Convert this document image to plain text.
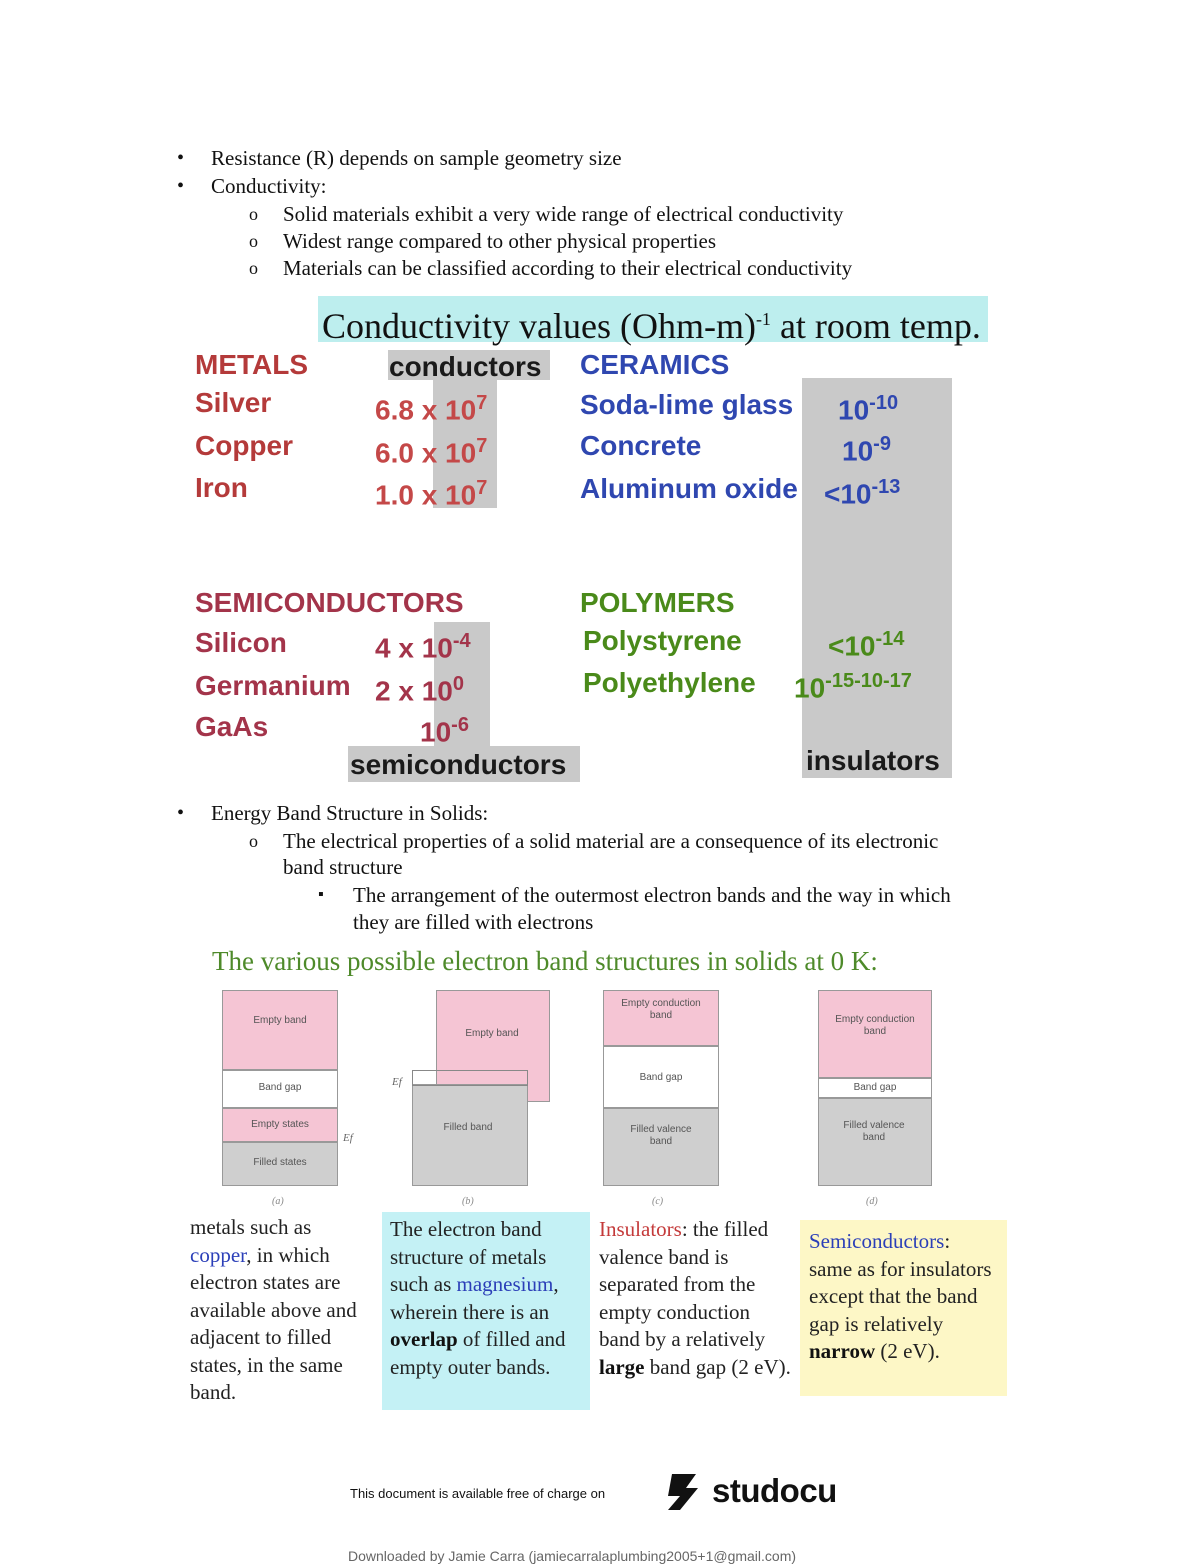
• Resistance (R) depends on sample geometry size
• Conductivity:
o Solid materials exhibit a very wide range of electrical conductivity
o Widest range compared to other physical properties
o Materials can be classified according to their electrical conductivity
Conductivity values $(Ohm-m)^{-1}$ at room temp.
METALS	conductors
Silver	6.8 x $10^7$
Copper	6.0 x $10^7$
Iron	1.0 x $10^7$
CERAMICS
Soda-lime glass $10^{-10}$
Concrete	$10^{-9}$
Aluminum oxide $<10^{-13}$
SEMICONDUCTORS
Silicon	4 x $10^{-4}$
Germanium 2 x $10^0$
GaAs	$10^{-6}$
semiconductors
POLYMERS
Polystyrene	$<10^{-14}$
Polyethylene $10^{-15-10-17}$
insulators
• Energy Band Structure in Solids:
o The electrical properties of a solid material are a consequence of its electronic
band structure
▪ The arrangement of the outermost electron bands and the way in which
they are filled with electrons
The various possible electron band structures in solids at 0 K:
Empty band
Band gap
Empty states
Filled states
Ef
(a)
Empty band
Filled band
Ef
(b)
Empty conduction band
Band gap
Filled valence band
(c)
Empty conduction band
Band gap
Filled valence band
(d)
metals such as copper, in which electron states are available above and adjacent to filled states, in the same band.
The electron band structure of metals such as magnesium, wherein there is an overlap of filled and empty outer bands.
Insulators: the filled valence band is separated from the empty conduction band by a relatively large band gap (2 eV).
Semiconductors: same as for insulators except that the band gap is relatively narrow (2 eV).
This document is available free of charge on	studocu
Downloaded by Jamie Carra (jamiecarralaplumbing2005+1@gmail.com)
